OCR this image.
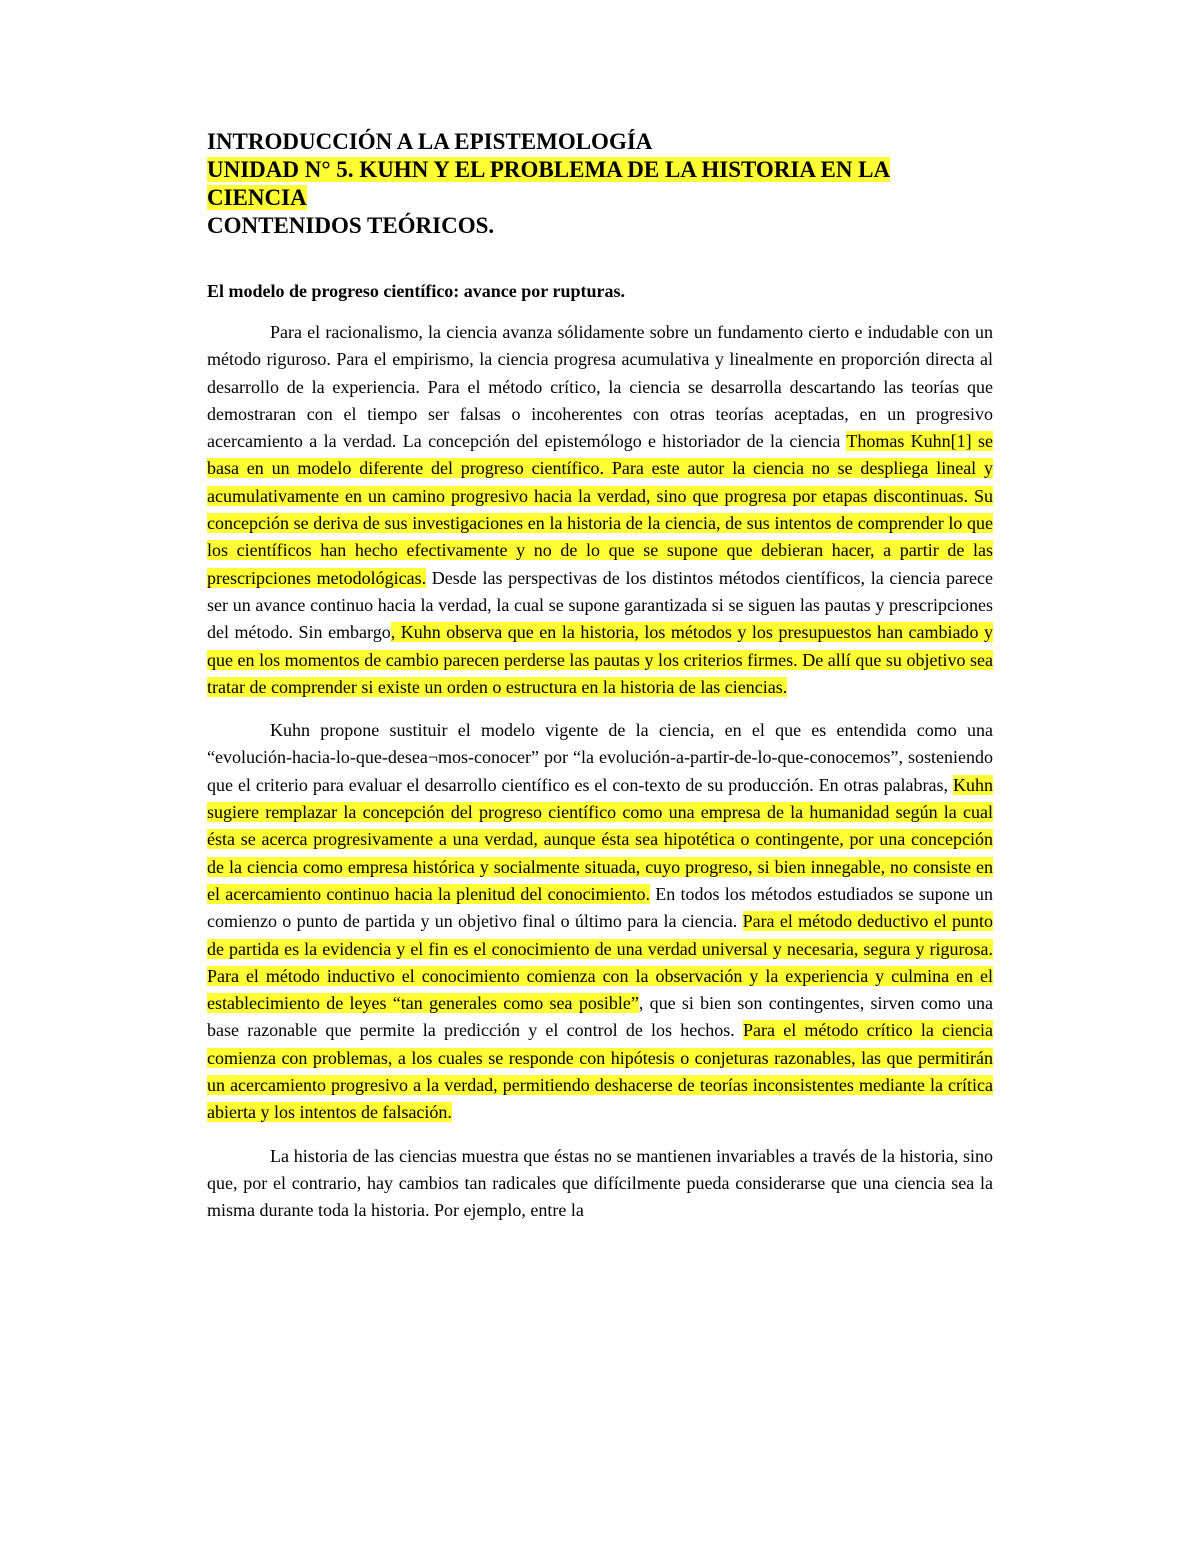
INTRODUCCIÓN A LA EPISTEMOLOGÍA

UNIDAD N° 5. KUHN Y EL PROBLEMA DE LA HISTORIA EN LA CIENCIA

CONTENIDOS TEÓRICOS.

El modelo de progreso científico: avance por rupturas.

Para el racionalismo, la ciencia avanza sólidamente sobre un fundamento cierto e indudable con un método riguroso. Para el empirismo, la ciencia progresa acumulativa y linealmente en proporción directa al desarrollo de la experiencia. Para el método crítico, la ciencia se desarrolla descartando las teorías que demostraran con el tiempo ser falsas o incoherentes con otras teorías aceptadas, en un progresivo acercamiento a la verdad. La concepción del epistemólogo e historiador de la ciencia Thomas Kuhn[1] se basa en un modelo diferente del progreso científico. Para este autor la ciencia no se despliega lineal y acumulativamente en un camino progresivo hacia la verdad, sino que progresa por etapas discontinuas. Su concepción se deriva de sus investigaciones en la historia de la ciencia, de sus intentos de comprender lo que los científicos han hecho efectivamente y no de lo que se supone que debieran hacer, a partir de las prescripciones metodológicas. Desde las perspectivas de los distintos métodos científicos, la ciencia parece ser un avance continuo hacia la verdad, la cual se supone garantizada si se siguen las pautas y prescripciones del método. Sin embargo, Kuhn observa que en la historia, los métodos y los presupuestos han cambiado y que en los momentos de cambio parecen perderse las pautas y los criterios firmes. De allí que su objetivo sea tratar de comprender si existe un orden o estructura en la historia de las ciencias.

Kuhn propone sustituir el modelo vigente de la ciencia, en el que es entendida como una “evolución-hacia-lo-que-desea¬mos-conocer” por “la evolución-a-partir-de-lo-que-conocemos”, sosteniendo que el criterio para evaluar el desarrollo científico es el con-texto de su producción. En otras palabras, Kuhn sugiere remplazar la concepción del progreso científico como una empresa de la humanidad según la cual ésta se acerca progresivamente a una verdad, aunque ésta sea hipotética o contingente, por una concepción de la ciencia como empresa histórica y socialmente situada, cuyo progreso, si bien innegable, no consiste en el acercamiento continuo hacia la plenitud del conocimiento. En todos los métodos estudiados se supone un comienzo o punto de partida y un objetivo final o último para la ciencia. Para el método deductivo el punto de partida es la evidencia y el fin es el conocimiento de una verdad universal y necesaria, segura y rigurosa. Para el método inductivo el conocimiento comienza con la observación y la experiencia y culmina en el establecimiento de leyes “tan generales como sea posible”, que si bien son contingentes, sirven como una base razonable que permite la predicción y el control de los hechos. Para el método crítico la ciencia comienza con problemas, a los cuales se responde con hipótesis o conjeturas razonables, las que permitirán un acercamiento progresivo a la verdad, permitiendo deshacerse de teorías inconsistentes mediante la crítica abierta y los intentos de falsación.

La historia de las ciencias muestra que éstas no se mantienen invariables a través de la historia, sino que, por el contrario, hay cambios tan radicales que difícilmente pueda considerarse que una ciencia sea la misma durante toda la historia. Por ejemplo, entre la
